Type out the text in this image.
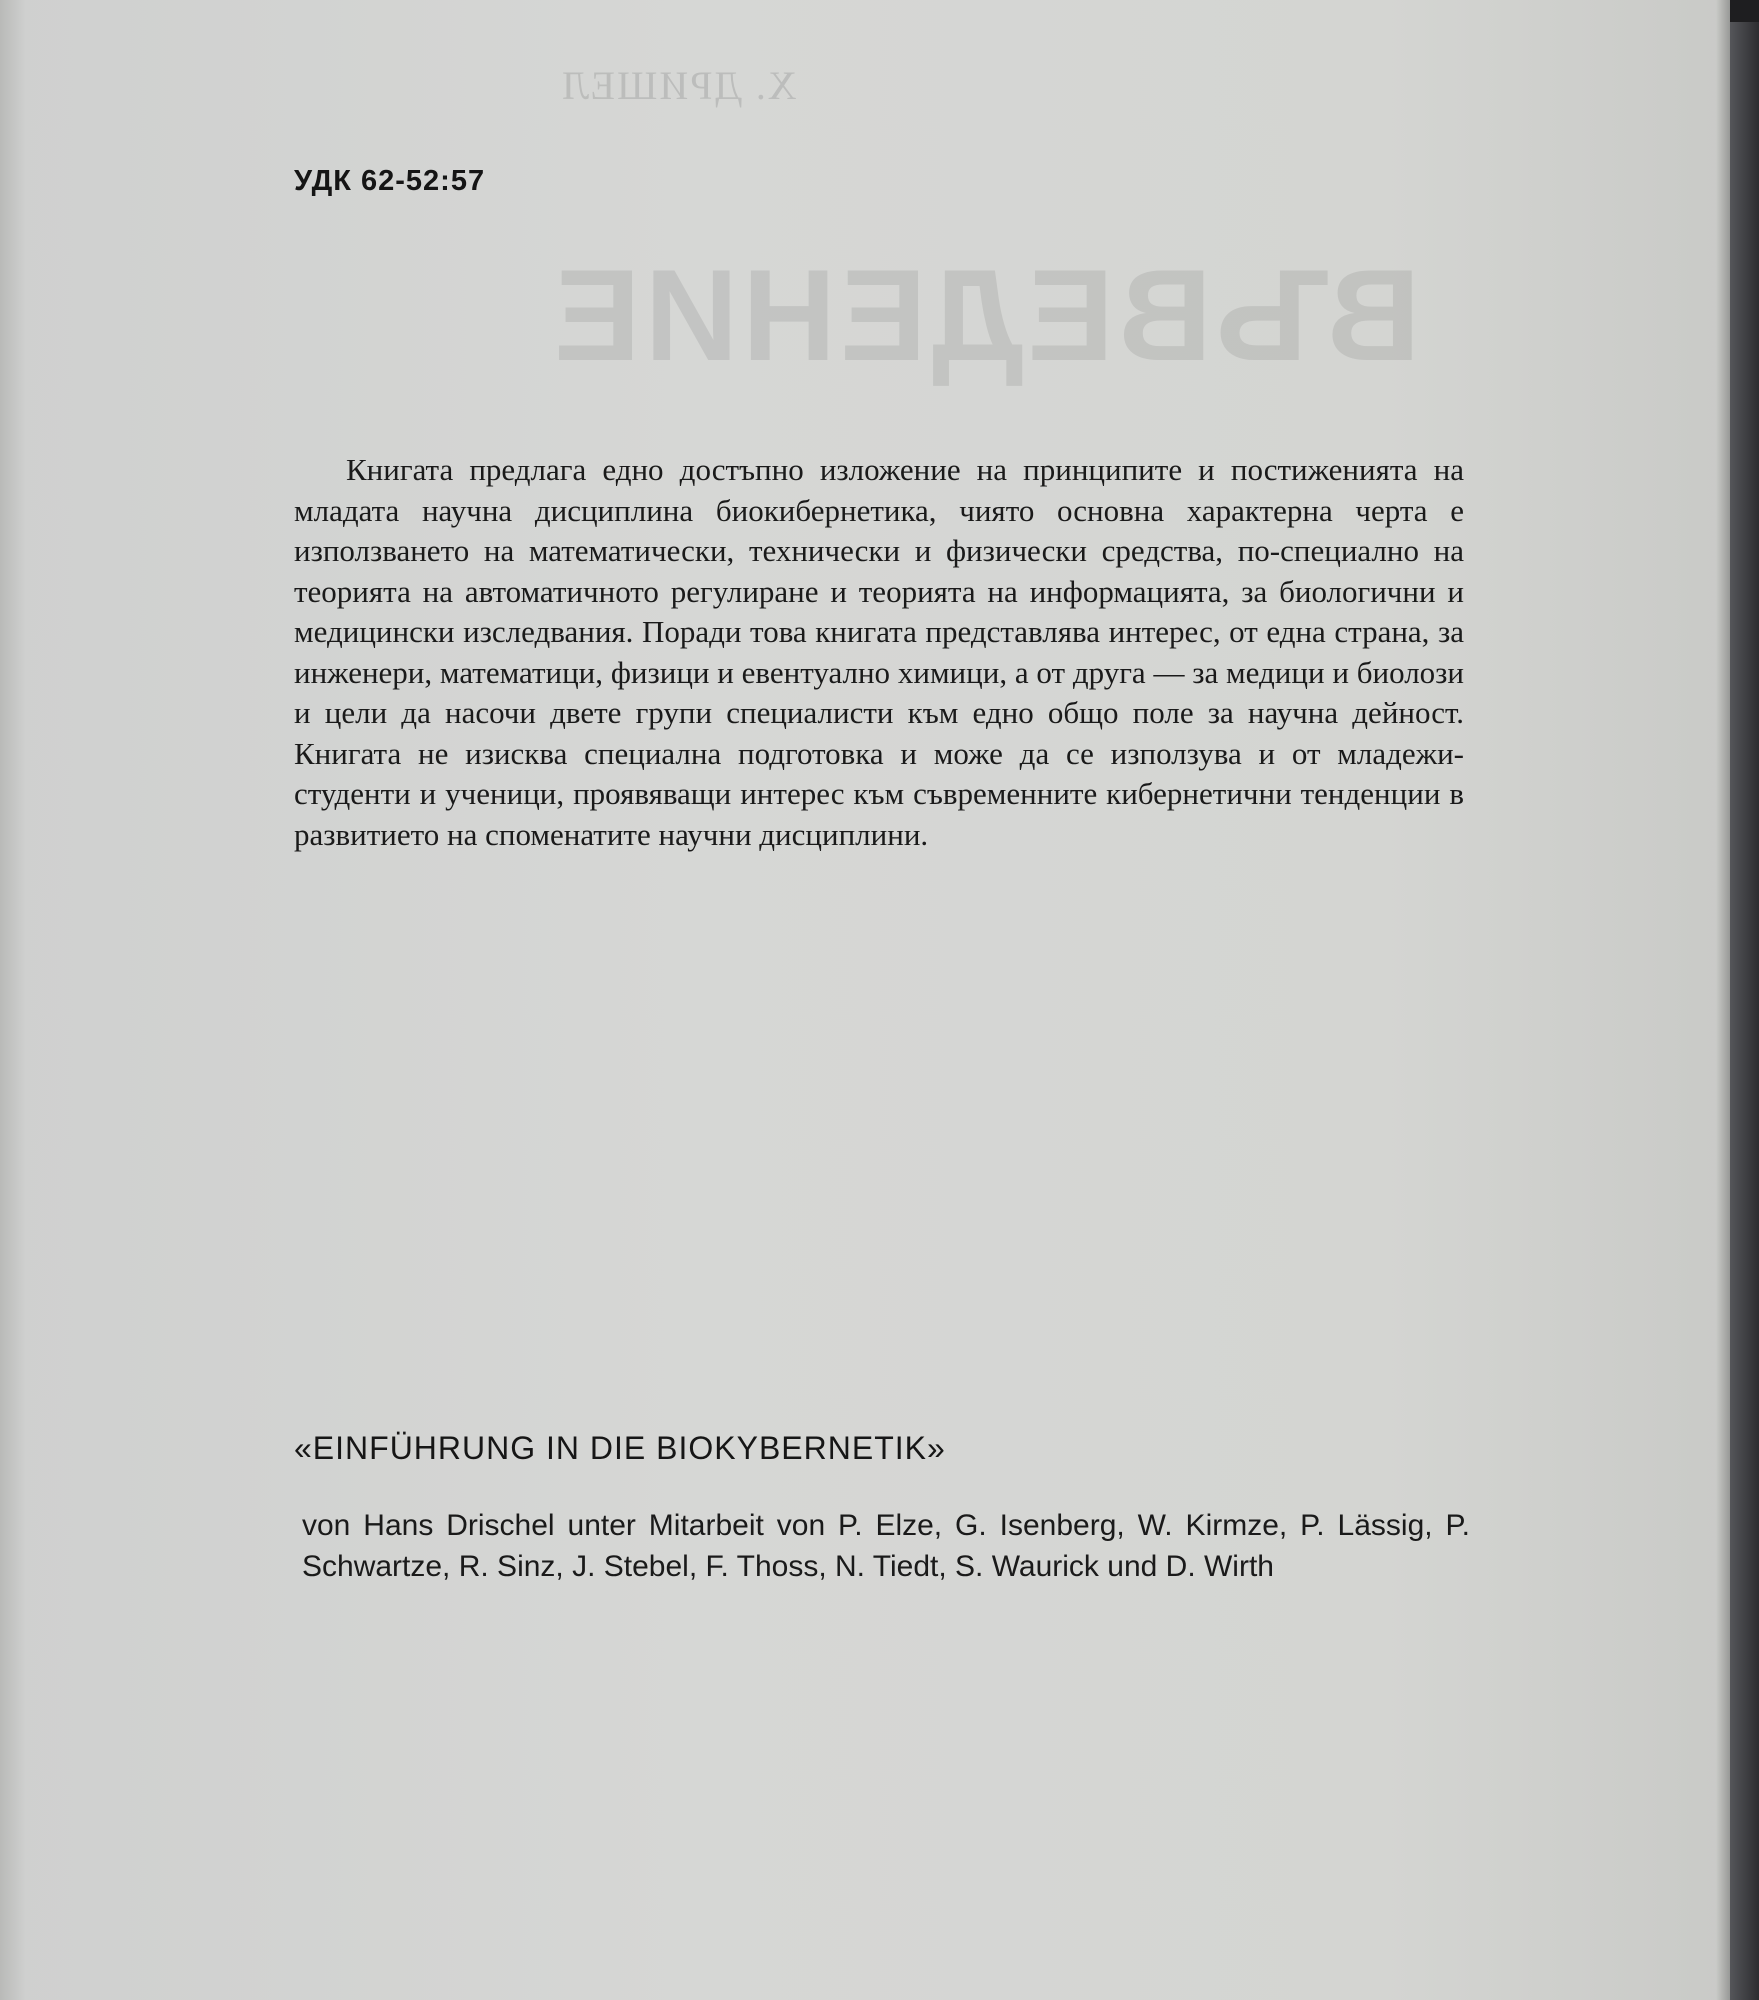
Х. ДРИШЕЛ
ВЪВЕДЕНИЕ
УДК 62-52:57

Книгата предлага едно достъпно изложение на принципите и постиженията на младата научна дисциплина биокибернетика, чиято основна характерна черта е използването на математически, технически и физически средства, по-специално на теорията на автоматичното регулиране и теорията на информацията, за биологични и медицински изследвания. Поради това книгата представлява интерес, от една страна, за инженери, математици, физици и евентуално химици, а от друга — за медици и биолози и цели да насочи двете групи специалисти към едно общо поле за научна дейност. Книгата не изисква специална подготовка и може да се използува и от младежи-студенти и ученици, проявяващи интерес към съвременните кибернетични тенденции в развитието на споменатите научни дисциплини.

«EINFÜHRUNG IN DIE BIOKYBERNETIK»

von Hans Drischel unter Mitarbeit von P. Elze, G. Isenberg, W. Kirmze, P. Lässig, P. Schwartze, R. Sinz, J. Stebel, F. Thoss, N. Tiedt, S. Waurick und D. Wirth
